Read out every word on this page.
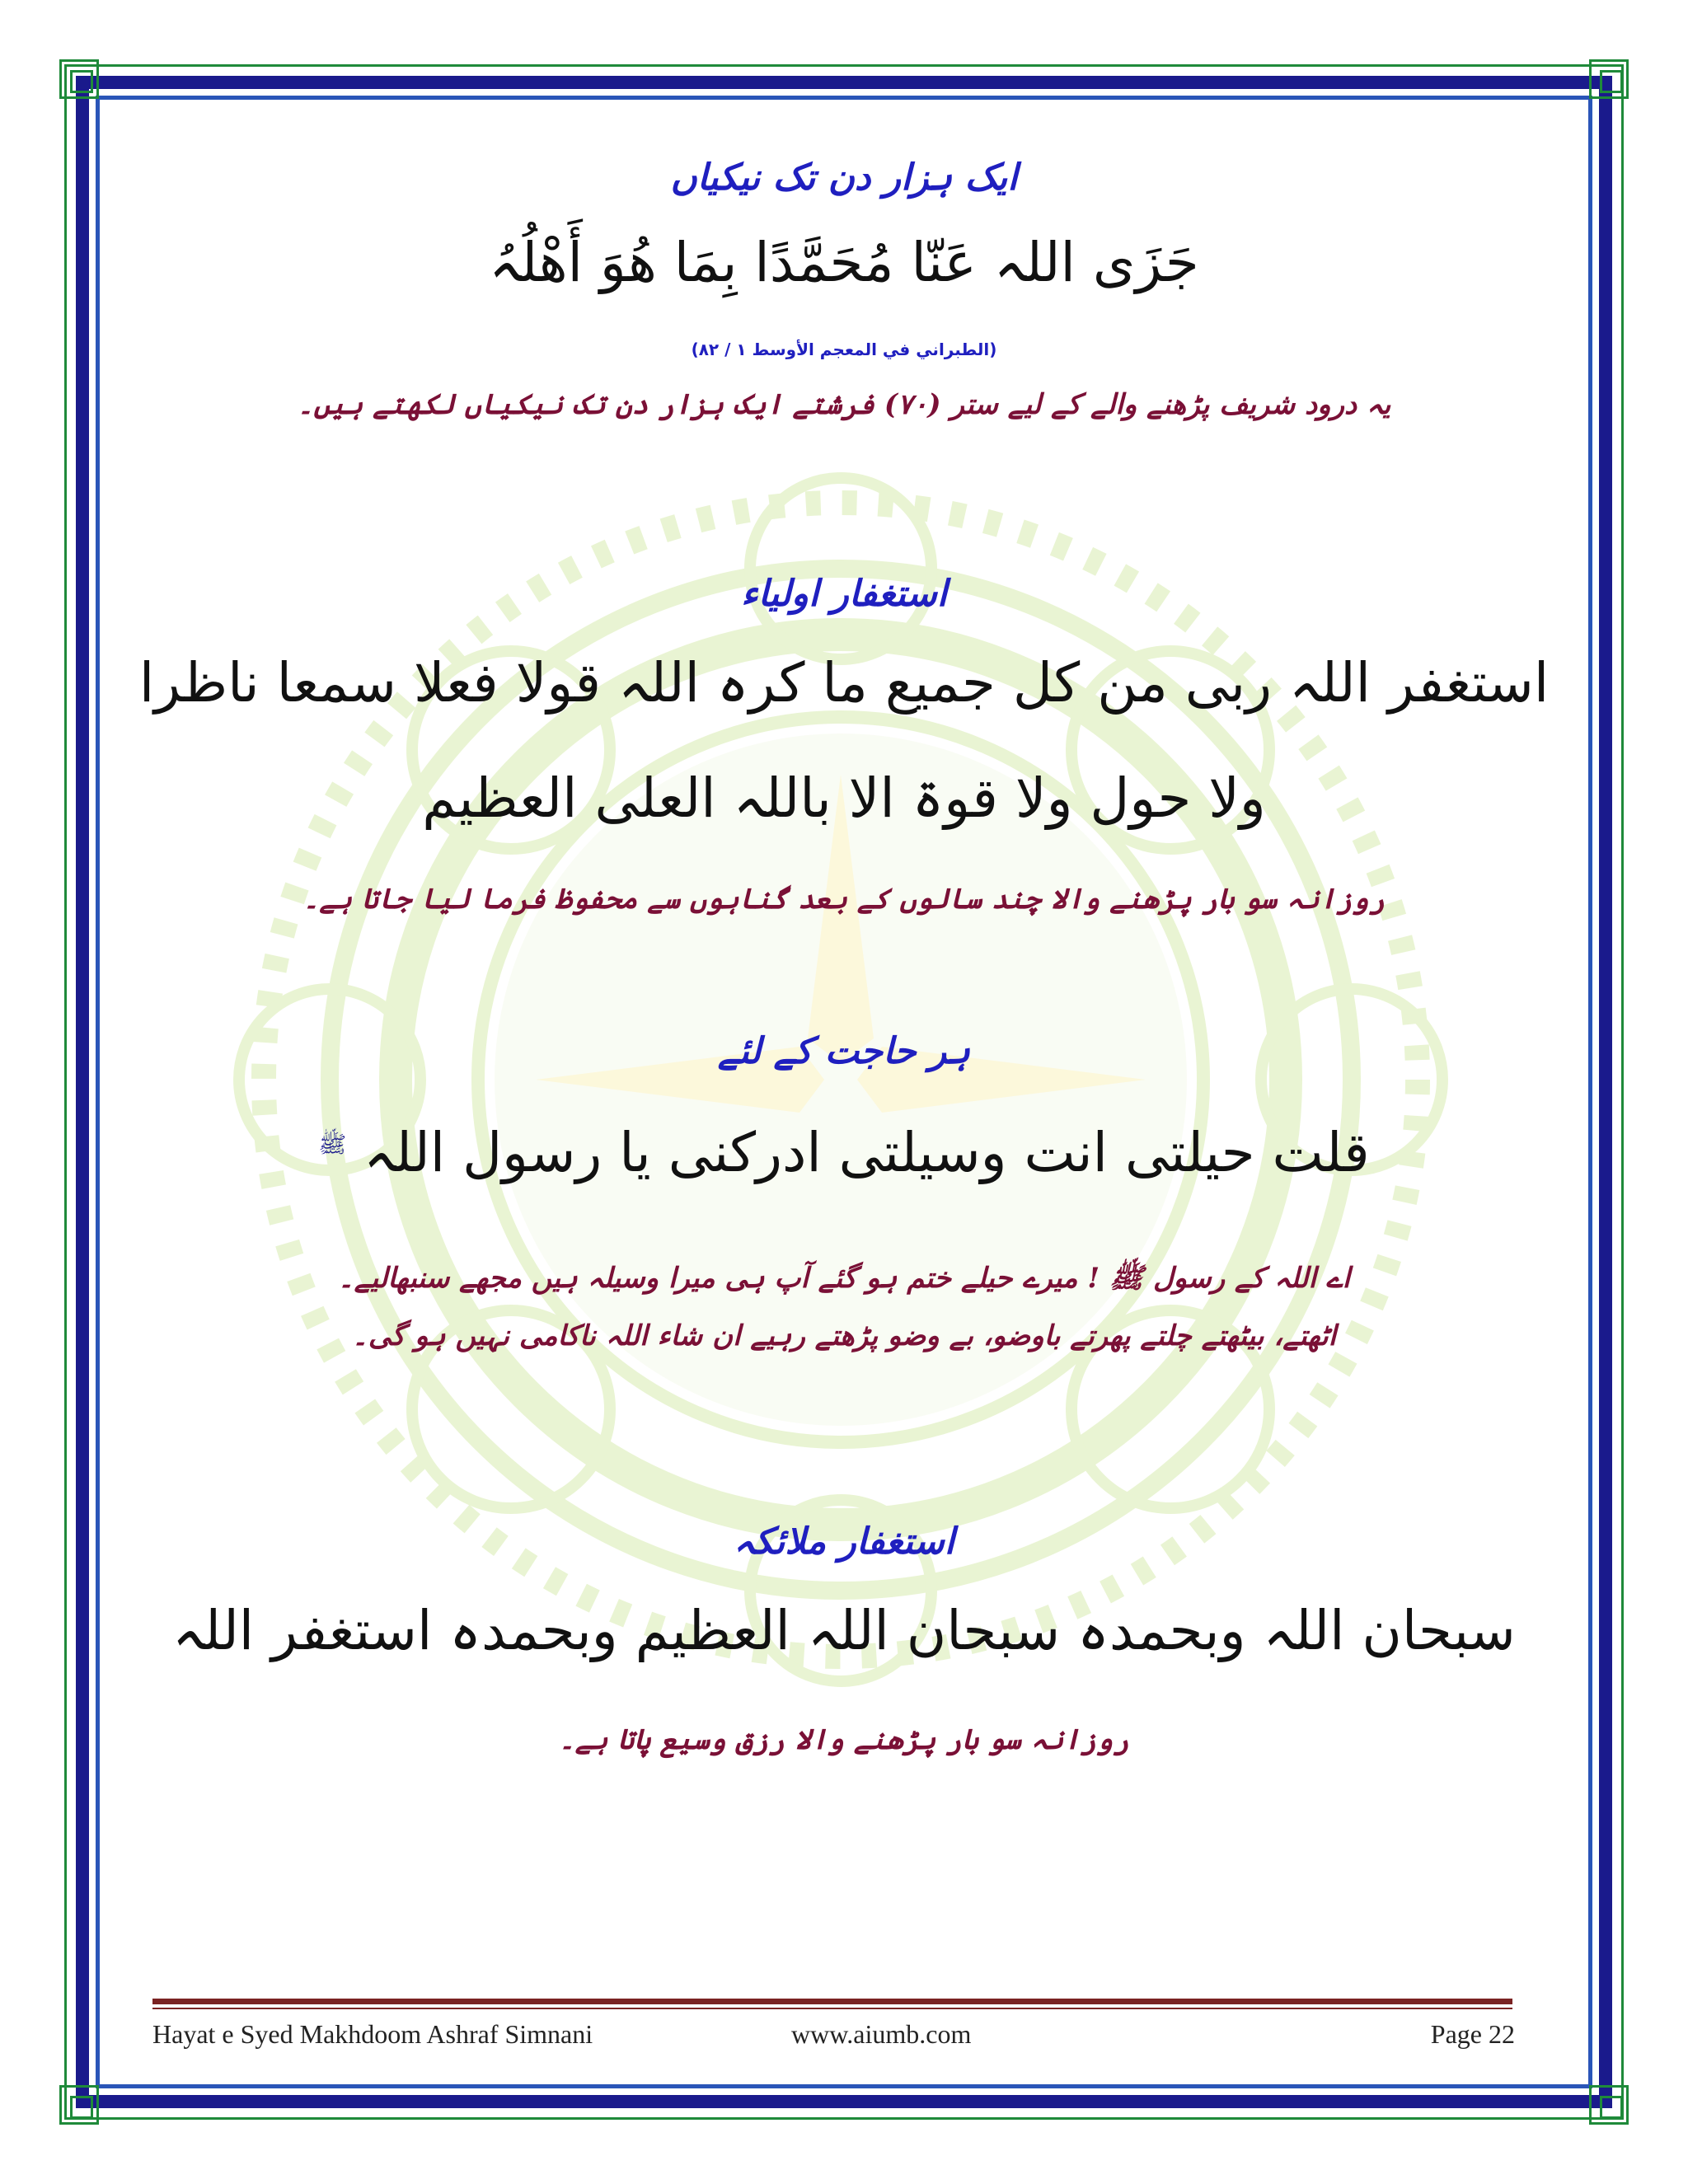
ایک ہزار دن تک نیکیاں
جَزَی اللہ عَنّا مُحَمَّدًا بِمَا ھُوَ أَھْلُہُ
(الطبراني في المعجم الأوسط ۱ / ۸۲)
یہ درود شریف پڑھنے والے کے لیے ستر (۷۰) فرشتے ایک ہزار دن تک نیکیاں لکھتے ہیں۔
استغفار اولیاء
استغفر اللہ ربی من کل جمیع ما کرہ اللہ قولا فعلا سمعا ناظرا
ولا حول ولا قوۃ الا باللہ العلی العظیم
روزانہ سو بار پڑھنے والا چند سالوں کے بعد گناہوں سے محفوظ فرما لیا جاتا ہے۔
ہر حاجت کے لئے
قلت حیلتی انت وسیلتی ادرکنی یا رسول اللہ $^ﷺ$
اے اللہ کے رسول ﷺ ! میرے حیلے ختم ہو گئے آپ ہی میرا وسیلہ ہیں مجھے سنبھالیے۔
اٹھتے، بیٹھتے چلتے پھرتے باوضو، بے وضو پڑھتے رہیے ان شاء اللہ ناکامی نہیں ہو گی۔
استغفار ملائکہ
سبحان اللہ وبحمدہ سبحان اللہ العظیم وبحمدہ استغفر اللہ
روزانہ سو بار پڑھنے والا رزق وسیع پاتا ہے۔
Hayat e Syed Makhdoom Ashraf Simnani	www.aiumb.com	Page 22
